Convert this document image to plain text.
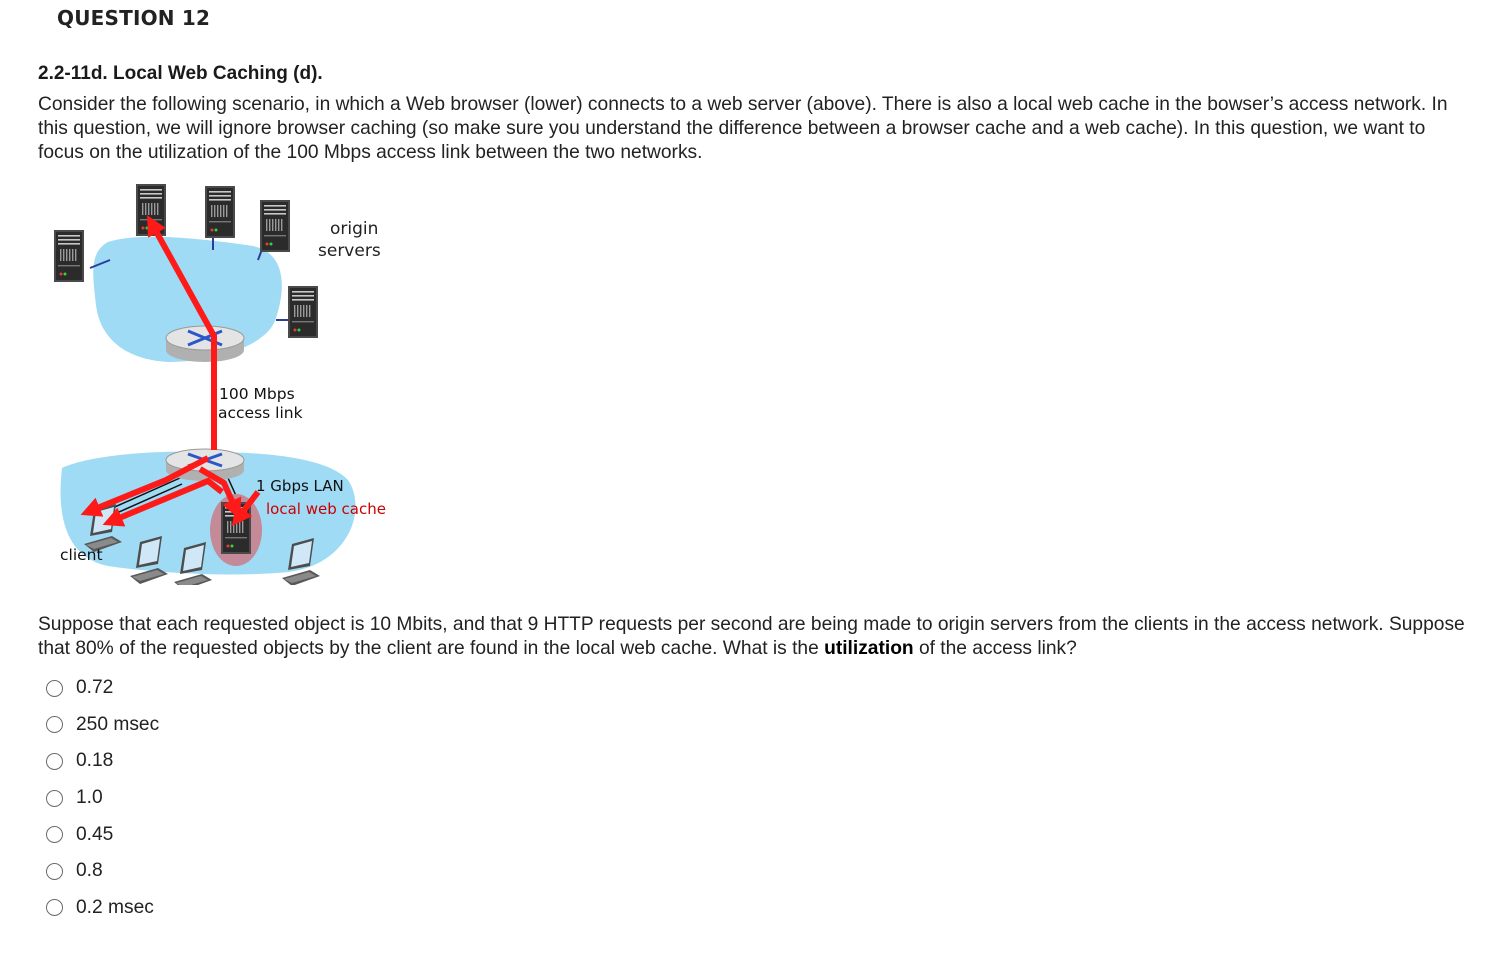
QUESTION 12
2.2-11d. Local Web Caching (d).
Consider the following scenario, in which a Web browser (lower) connects to a web server (above). There is also a local web cache in the bowser’s access network. In this question, we will ignore browser caching (so make sure you understand the difference between a browser cache and a web cache). In this question, we want to focus on the utilization of the 100 Mbps access link between the two networks.
origin
servers
100 Mbps
access link
1 Gbps LAN
local web cache
client
Suppose that each requested object is 10 Mbits, and that 9 HTTP requests per second are being made to origin servers from the clients in the access network. Suppose that 80% of the requested objects by the client are found in the local web cache. What is the utilization of the access link?
0.72
250 msec
0.18
1.0
0.45
0.8
0.2 msec
